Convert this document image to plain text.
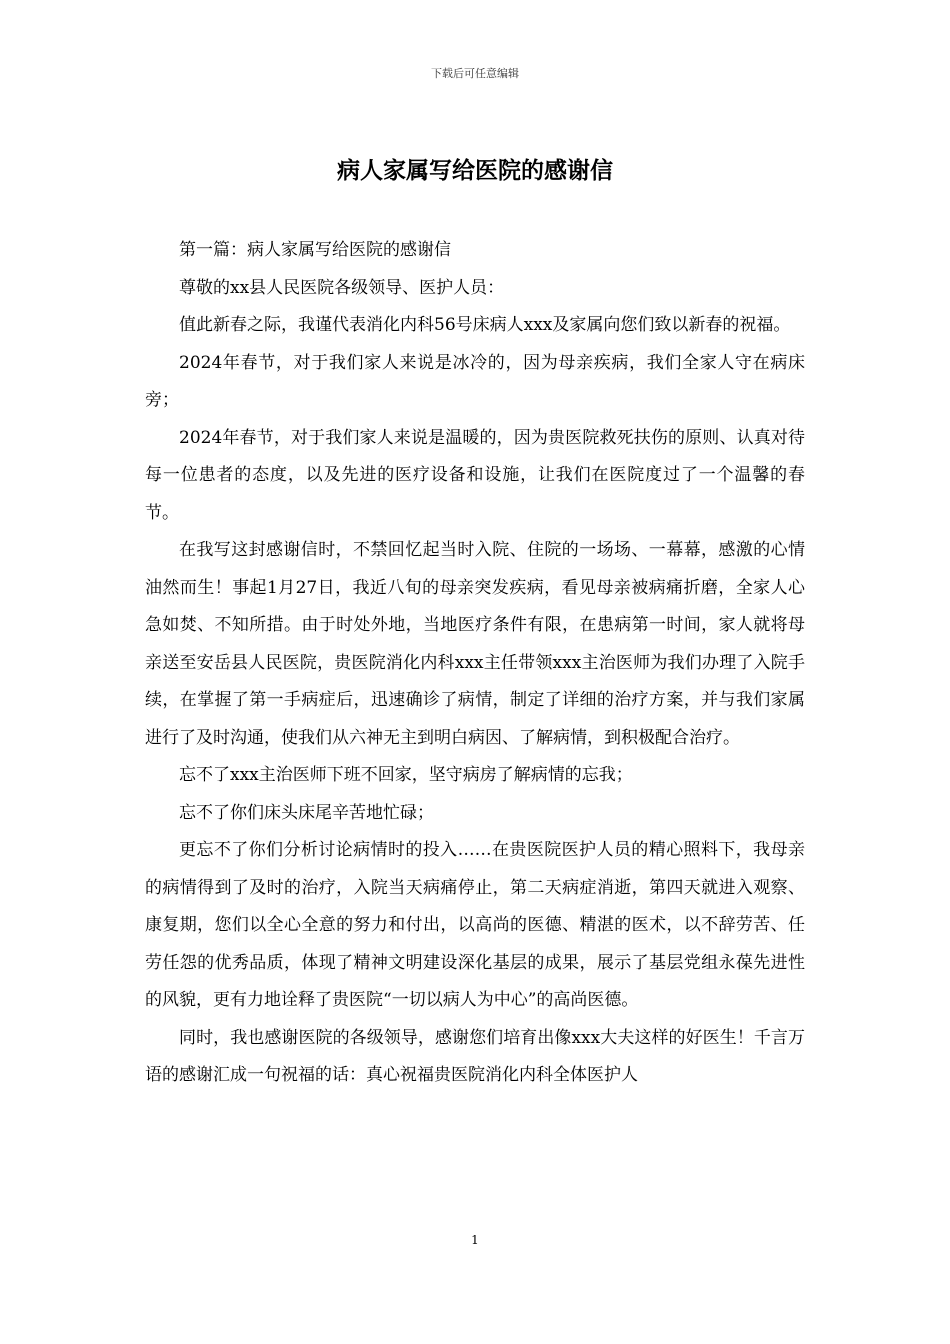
下载后可任意编辑
病人家属写给医院的感谢信

第一篇：病人家属写给医院的感谢信

尊敬的xx县人民医院各级领导、医护人员：

值此新春之际，我谨代表消化内科56号床病人xxx及家属向您们致以新春的祝福。

2024年春节，对于我们家人来说是冰冷的，因为母亲疾病，我们全家人守在病床旁；

2024年春节，对于我们家人来说是温暖的，因为贵医院救死扶伤的原则、认真对待每一位患者的态度，以及先进的医疗设备和设施，让我们在医院度过了一个温馨的春节。

在我写这封感谢信时，不禁回忆起当时入院、住院的一场场、一幕幕，感激的心情油然而生！事起1月27日，我近八旬的母亲突发疾病，看见母亲被病痛折磨，全家人心急如焚、不知所措。由于时处外地，当地医疗条件有限，在患病第一时间，家人就将母亲送至安岳县人民医院，贵医院消化内科xxx主任带领xxx主治医师为我们办理了入院手续，在掌握了第一手病症后，迅速确诊了病情，制定了详细的治疗方案，并与我们家属进行了及时沟通，使我们从六神无主到明白病因、了解病情，到积极配合治疗。

忘不了xxx主治医师下班不回家，坚守病房了解病情的忘我；

忘不了你们床头床尾辛苦地忙碌；

更忘不了你们分析讨论病情时的投入……在贵医院医护人员的精心照料下，我母亲的病情得到了及时的治疗，入院当天病痛停止，第二天病症消逝，第四天就进入观察、康复期，您们以全心全意的努力和付出，以高尚的医德、精湛的医术，以不辞劳苦、任劳任怨的优秀品质，体现了精神文明建设深化基层的成果，展示了基层党组永葆先进性的风貌，更有力地诠释了贵医院“一切以病人为中心”的高尚医德。

同时，我也感谢医院的各级领导，感谢您们培育出像xxx大夫这样的好医生！千言万语的感谢汇成一句祝福的话：真心祝福贵医院消化内科全体医护人

1
